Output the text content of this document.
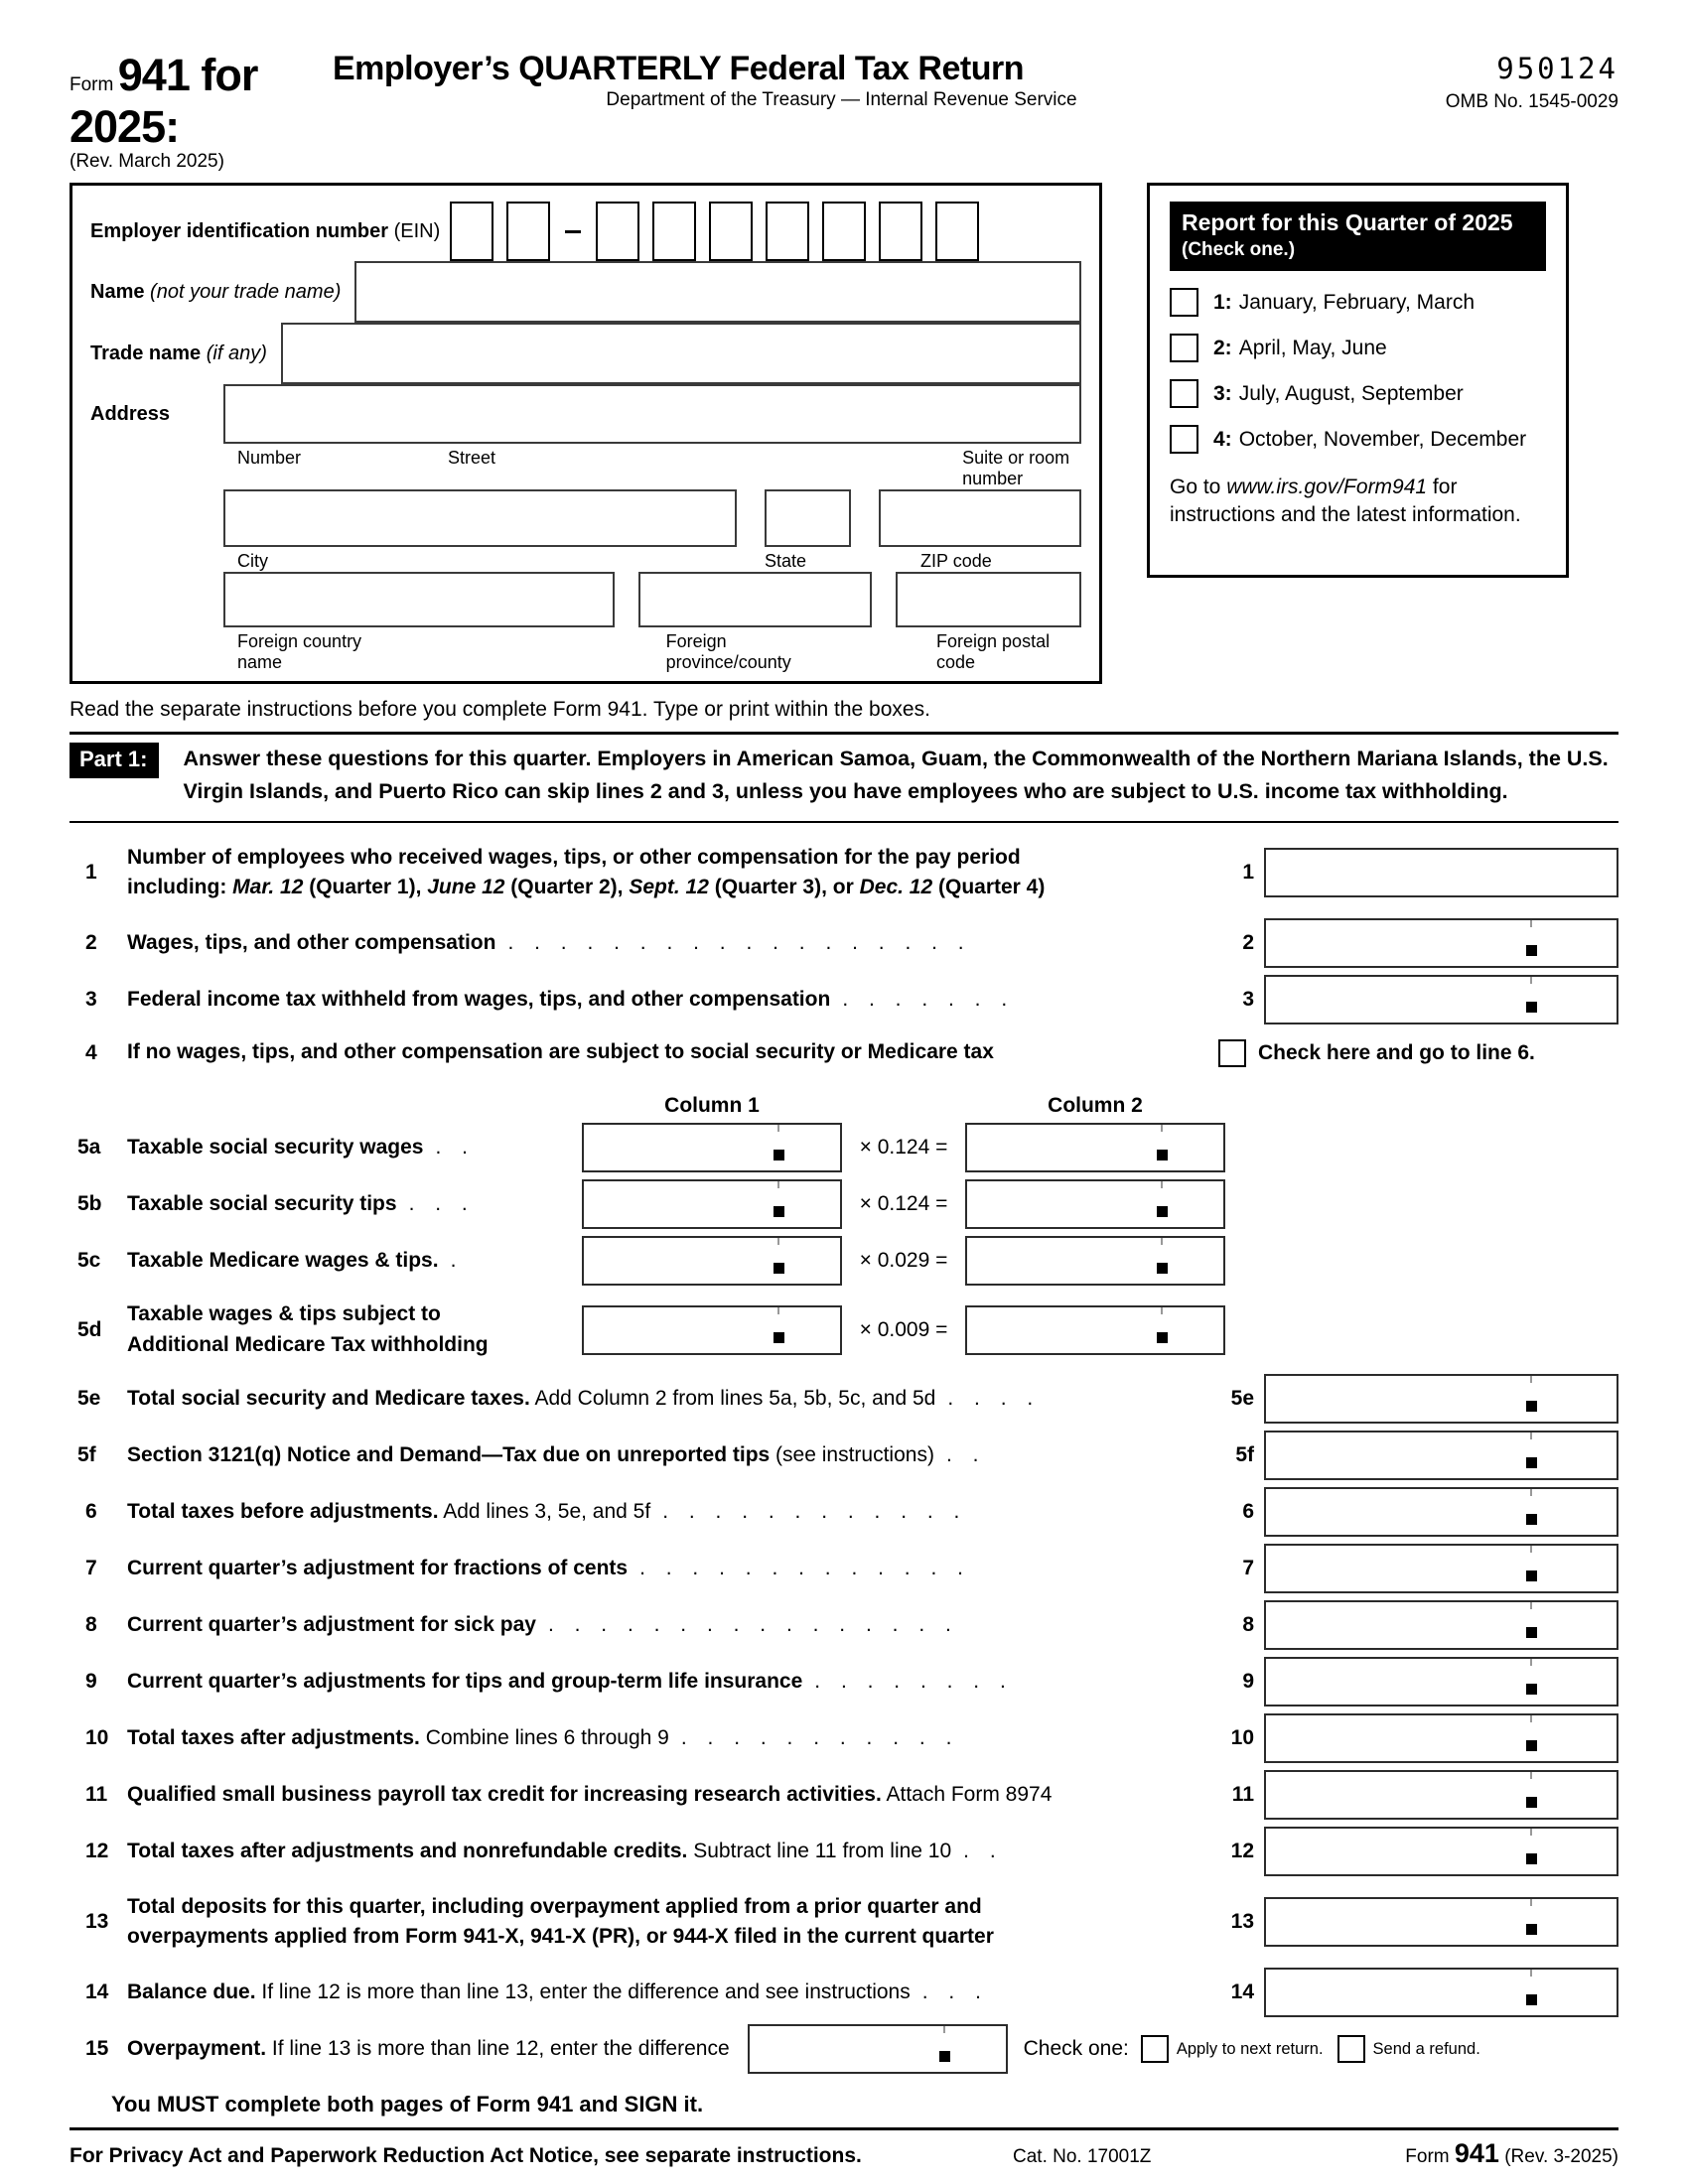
Form 941 for 2025:
(Rev. March 2025)
Employer’s QUARTERLY Federal Tax Return
Department of the Treasury — Internal Revenue Service
950124
OMB No. 1545-0029
Employer identification number (EIN)
Name (not your trade name)
Trade name (if any)
Address
Number	Street	Suite or room number
City	State	ZIP code
Foreign country name
Foreign province/county
Foreign postal code
Report for this Quarter of 2025
(Check one.)
1: January, February, March
2: April, May, June
3: July, August, September
4: October, November, December
Go to www.irs.gov/Form941 for instructions and the latest information.
Read the separate instructions before you complete Form 941. Type or print within the boxes.
Part 1:	Answer these questions for this quarter. Employers in American Samoa, Guam, the Commonwealth of the Northern Mariana Islands, the U.S. Virgin Islands, and Puerto Rico can skip lines 2 and 3, unless you have employees who are subject to U.S. income tax withholding.
1
Number of employees who received wages, tips, or other compensation for the pay period
including: Mar. 12 (Quarter 1), June 12 (Quarter 2), Sept. 12 (Quarter 3), or Dec. 12 (Quarter 4)
1
2	Wages, tips, and other compensation . . . . . . . . . . . . . . . . . .	2
3	Federal income tax withheld from wages, tips, and other compensation . . . . . . .	3
4	If no wages, tips, and other compensation are subject to social security or Medicare tax	Check here and go to line 6.
Column 1	Column 2
5a	Taxable social security wages . .	× 0.124 =
5b	Taxable social security tips . . .	× 0.124 =
5c	Taxable Medicare wages & tips. .	× 0.029 =
5d
Taxable wages & tips subject to
Additional Medicare Tax withholding
× 0.009 =
5e	Total social security and Medicare taxes. Add Column 2 from lines 5a, 5b, 5c, and 5d . . . .	5e
5f	Section 3121(q) Notice and Demand—Tax due on unreported tips (see instructions) . .	5f
6	Total taxes before adjustments. Add lines 3, 5e, and 5f . . . . . . . . . . . .	6
7	Current quarter’s adjustment for fractions of cents . . . . . . . . . . . . .	7
8	Current quarter’s adjustment for sick pay . . . . . . . . . . . . . . . .	8
9	Current quarter’s adjustments for tips and group-term life insurance . . . . . . . .	9
10 Total taxes after adjustments. Combine lines 6 through 9 . . . . . . . . . . .	10
11 Qualified small business payroll tax credit for increasing research activities. Attach Form 8974	11
12 Total taxes after adjustments and nonrefundable credits. Subtract line 11 from line 10 . .	12
13
Total deposits for this quarter, including overpayment applied from a prior quarter and
overpayments applied from Form 941-X, 941-X (PR), or 944-X filed in the current quarter
13
14 Balance due. If line 12 is more than line 13, enter the difference and see instructions . . .	14
15 Overpayment. If line 13 is more than line 12, enter the difference	Check one:	Apply to next return.	Send a refund.
You MUST complete both pages of Form 941 and SIGN it.
For Privacy Act and Paperwork Reduction Act Notice, see separate instructions.	Cat. No. 17001Z	Form 941 (Rev. 3-2025)
